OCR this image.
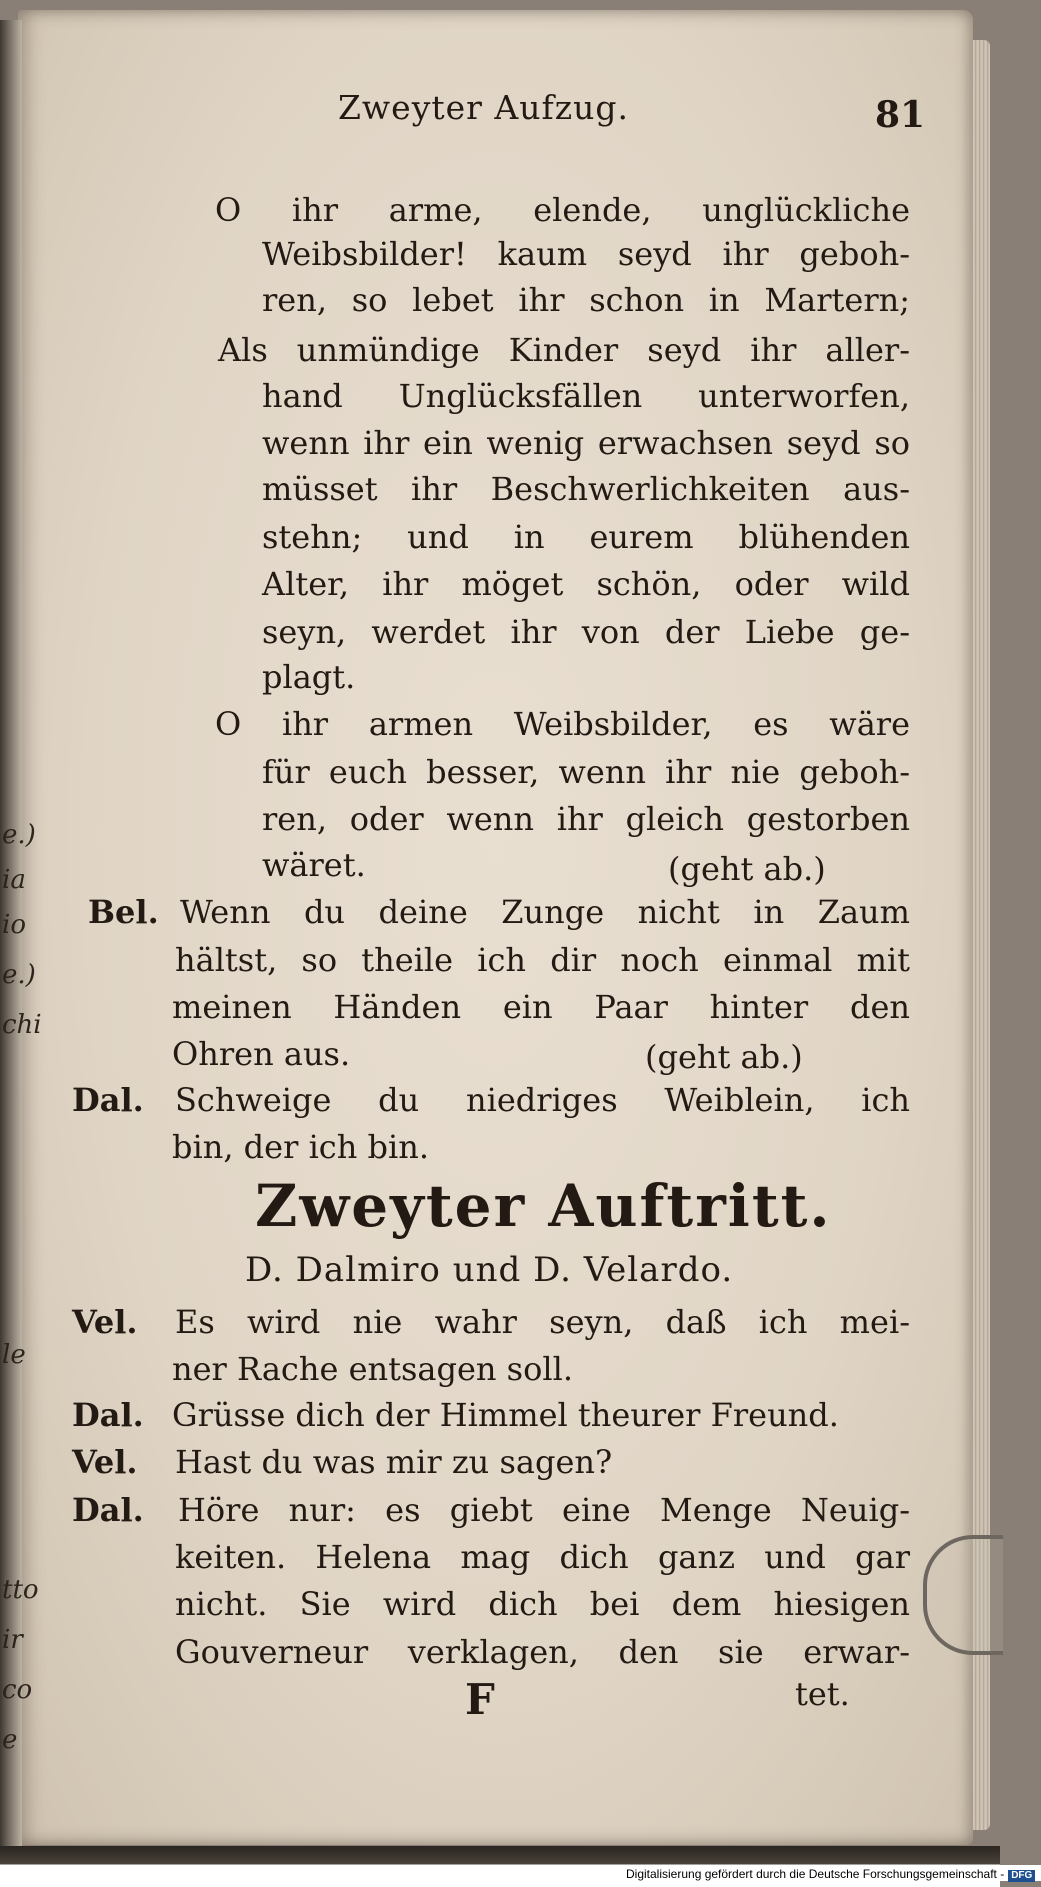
e.)
ia
io
e.)
chi
le
tto
ir
co
e
Zweyter Aufzug.	81
O ihr arme, elende, unglückliche
Weibsbilder! kaum seyd ihr geboh-
ren, so lebet ihr schon in Martern;
Als unmündige Kinder seyd ihr aller-
hand Unglücksfällen unterworfen,
wenn ihr ein wenig erwachsen seyd so
müsset ihr Beschwerlichkeiten aus-
stehn; und in eurem blühenden
Alter, ihr möget schön, oder wild
seyn, werdet ihr von der Liebe ge-
plagt.
O ihr armen Weibsbilder, es wäre
für euch besser, wenn ihr nie geboh-
ren, oder wenn ihr gleich gestorben
wäret.	(geht ab.)
Bel. Wenn du deine Zunge nicht in Zaum
hältst, so theile ich dir noch einmal mit
meinen Händen ein Paar hinter den
Ohren aus.	(geht ab.)
Dal. Schweige du niedriges Weiblein, ich
bin, der ich bin.
Zweyter Auftritt.
D. Dalmiro und D. Velardo.
Vel. Es wird nie wahr seyn, daß ich mei-
ner Rache entsagen soll.
Dal. Grüsse dich der Himmel theurer Freund.
Vel. Hast du was mir zu sagen?
Dal. Höre nur: es giebt eine Menge Neuig-
keiten. Helena mag dich ganz und gar
nicht. Sie wird dich bei dem hiesigen
Gouverneur verklagen, den sie erwar-
F	tet.
Digitalisierung gefördert durch die Deutsche Forschungsgemeinschaft - DFG
